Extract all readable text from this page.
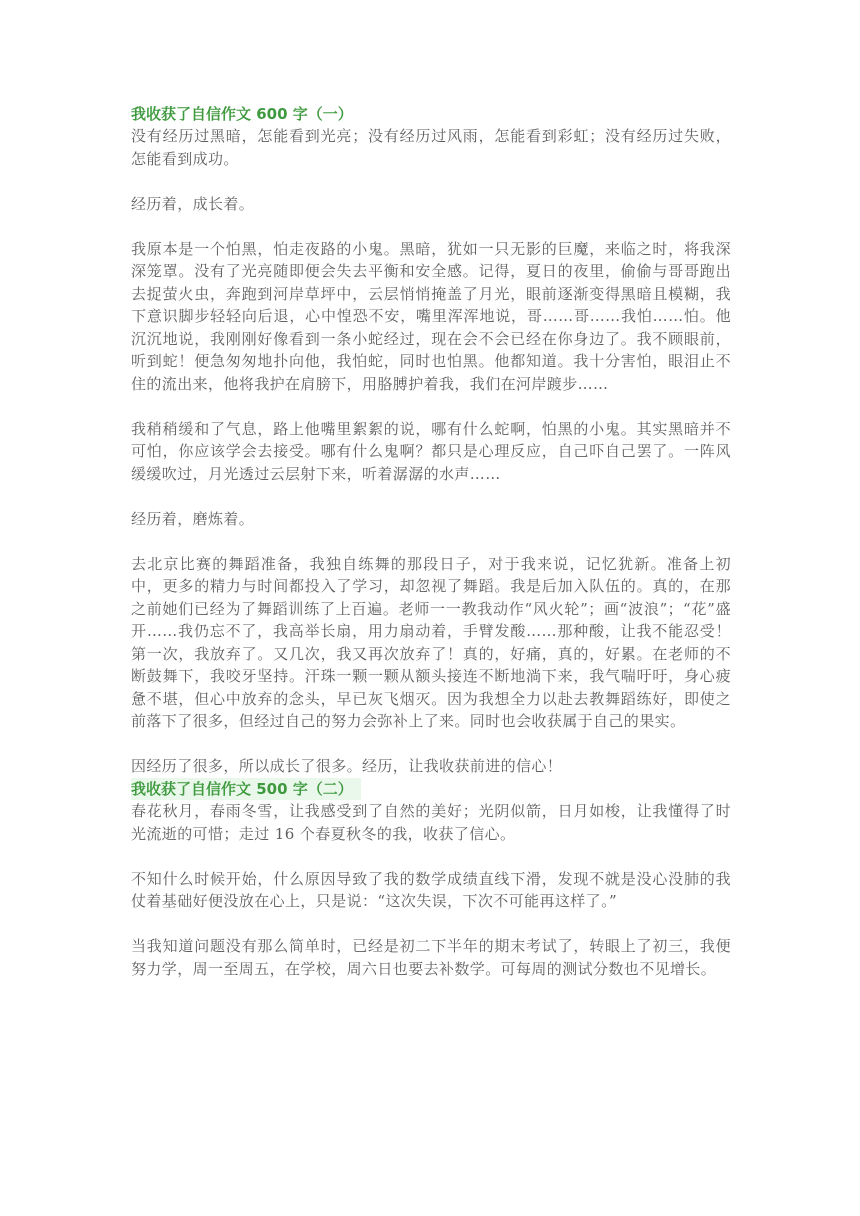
我收获了自信作文 600 字（一）

没有经历过黑暗，怎能看到光亮；没有经历过风雨，怎能看到彩虹；没有经历过失败，怎能看到成功。

经历着，成长着。

我原本是一个怕黑，怕走夜路的小鬼。黑暗，犹如一只无影的巨魔，来临之时，将我深深笼罩。没有了光亮随即便会失去平衡和安全感。记得，夏日的夜里，偷偷与哥哥跑出去捉萤火虫，奔跑到河岸草坪中，云层悄悄掩盖了月光，眼前逐渐变得黑暗且模糊，我下意识脚步轻轻向后退，心中惶恐不安，嘴里浑浑地说，哥……哥……我怕……怕。他沉沉地说，我刚刚好像看到一条小蛇经过，现在会不会已经在你身边了。我不顾眼前，听到蛇！便急匆匆地扑向他，我怕蛇，同时也怕黑。他都知道。我十分害怕，眼泪止不住的流出来，他将我护在肩膀下，用胳膊护着我，我们在河岸踱步……

我稍稍缓和了气息，路上他嘴里絮絮的说，哪有什么蛇啊，怕黑的小鬼。其实黑暗并不可怕，你应该学会去接受。哪有什么鬼啊？都只是心理反应，自己吓自己罢了。一阵风缓缓吹过，月光透过云层射下来，听着潺潺的水声……

经历着，磨炼着。

去北京比赛的舞蹈准备，我独自练舞的那段日子，对于我来说，记忆犹新。准备上初中，更多的精力与时间都投入了学习，却忽视了舞蹈。我是后加入队伍的。真的，在那之前她们已经为了舞蹈训练了上百遍。老师一一教我动作“风火轮”；画“波浪”；“花”盛开……我仍忘不了，我高举长扇，用力扇动着，手臂发酸……那种酸，让我不能忍受！第一次，我放弃了。又几次，我又再次放弃了！真的，好痛，真的，好累。在老师的不断鼓舞下，我咬牙坚持。汗珠一颗一颗从额头接连不断地淌下来，我气喘吁吁，身心疲惫不堪，但心中放弃的念头，早已灰飞烟灭。因为我想全力以赴去教舞蹈练好，即使之前落下了很多，但经过自己的努力会弥补上了来。同时也会收获属于自己的果实。

因经历了很多，所以成长了很多。经历，让我收获前进的信心！

我收获了自信作文 500 字（二）

春花秋月，春雨冬雪，让我感受到了自然的美好；光阴似箭，日月如梭，让我懂得了时光流逝的可惜；走过 16 个春夏秋冬的我，收获了信心。

不知什么时候开始，什么原因导致了我的数学成绩直线下滑，发现不就是没心没肺的我仗着基础好便没放在心上，只是说：“这次失误，下次不可能再这样了。”

当我知道问题没有那么简单时，已经是初二下半年的期末考试了，转眼上了初三，我便努力学，周一至周五，在学校，周六日也要去补数学。可每周的测试分数也不见增长。
